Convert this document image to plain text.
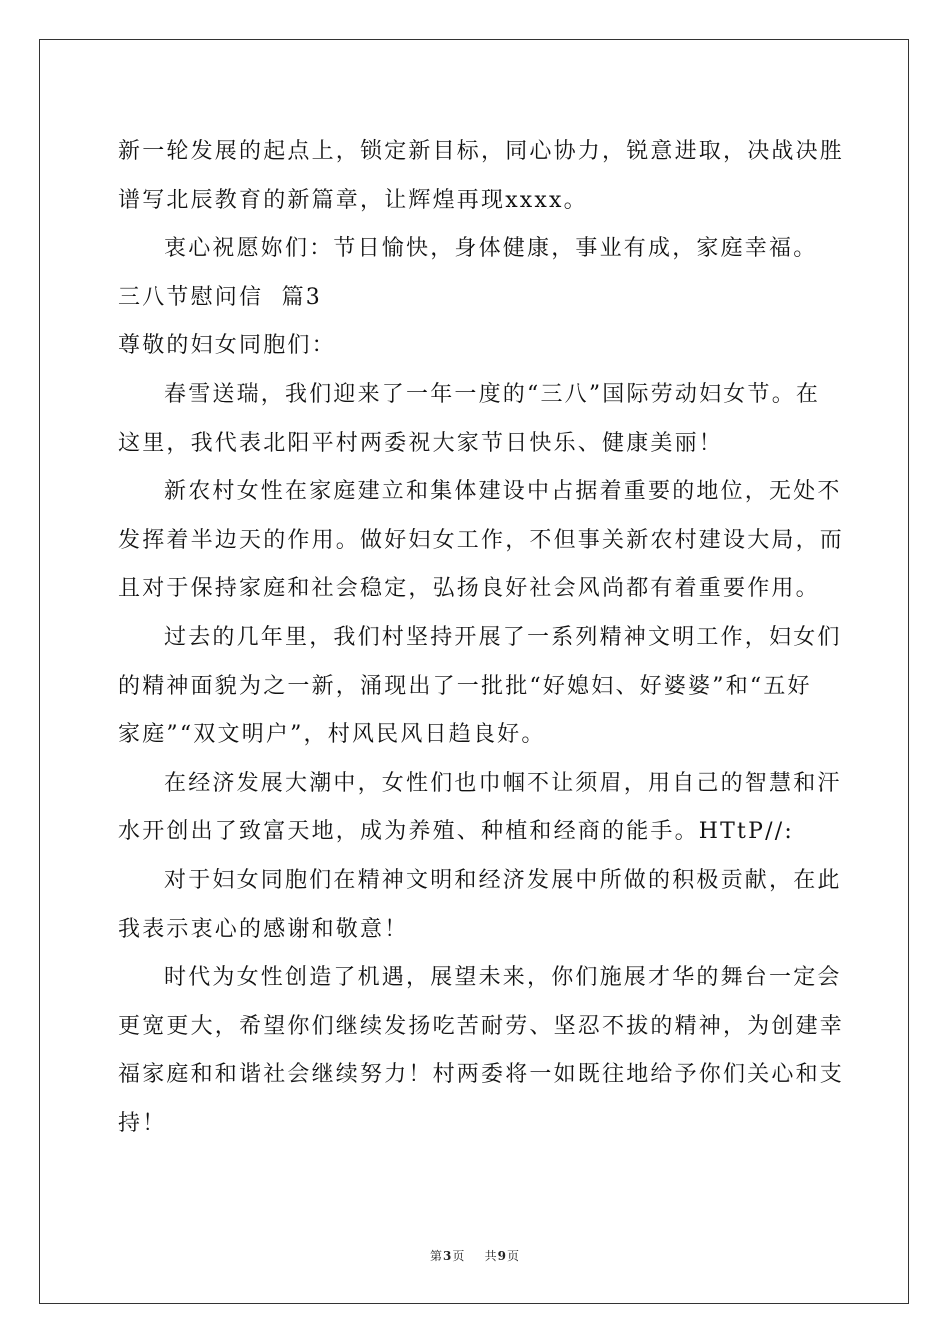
新一轮发展的起点上，锁定新目标，同心协力，锐意进取，决战决胜
谱写北辰教育的新篇章，让辉煌再现xxxx。
衷心祝愿妳们：节日愉快，身体健康，事业有成，家庭幸福。
三八节慰问信  篇3
尊敬的妇女同胞们：
春雪送瑞，我们迎来了一年一度的“三八”国际劳动妇女节。在
这里，我代表北阳平村两委祝大家节日快乐、健康美丽！
新农村女性在家庭建立和集体建设中占据着重要的地位，无处不
发挥着半边天的作用。做好妇女工作，不但事关新农村建设大局，而
且对于保持家庭和社会稳定，弘扬良好社会风尚都有着重要作用。
过去的几年里，我们村坚持开展了一系列精神文明工作，妇女们
的精神面貌为之一新，涌现出了一批批“好媳妇、好婆婆”和“五好
家庭”“双文明户”，村风民风日趋良好。
在经济发展大潮中，女性们也巾帼不让须眉，用自己的智慧和汗
水开创出了致富天地，成为养殖、种植和经商的能手。HTtP//:
对于妇女同胞们在精神文明和经济发展中所做的积极贡献，在此
我表示衷心的感谢和敬意！
时代为女性创造了机遇，展望未来，你们施展才华的舞台一定会
更宽更大，希望你们继续发扬吃苦耐劳、坚忍不拔的精神，为创建幸
福家庭和和谐社会继续努力！村两委将一如既往地给予你们关心和支
持！
第3页 共9页
